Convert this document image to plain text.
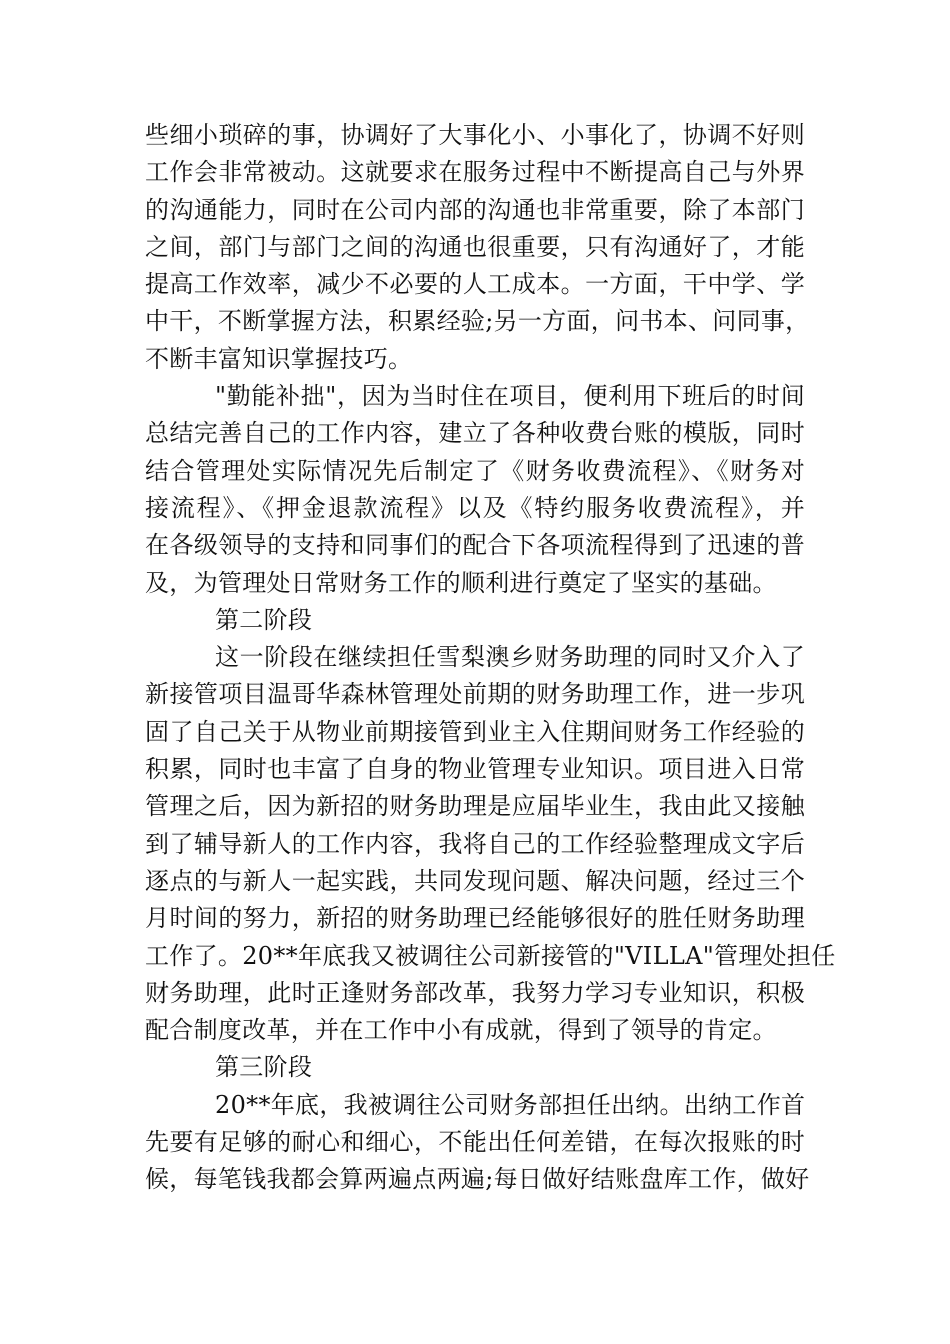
些细小琐碎的事，协调好了大事化小、小事化了，协调不好则
工作会非常被动。这就要求在服务过程中不断提高自己与外界
的沟通能力，同时在公司内部的沟通也非常重要，除了本部门
之间，部门与部门之间的沟通也很重要，只有沟通好了，才能
提高工作效率，减少不必要的人工成本。一方面，干中学、学
中干，不断掌握方法，积累经验;另一方面，问书本、问同事，
不断丰富知识掌握技巧。
"勤能补拙"，因为当时住在项目，便利用下班后的时间
总结完善自己的工作内容，建立了各种收费台账的模版，同时
结合管理处实际情况先后制定了《财务收费流程》、《财务对
接流程》、《押金退款流程》以及《特约服务收费流程》，并
在各级领导的支持和同事们的配合下各项流程得到了迅速的普
及，为管理处日常财务工作的顺利进行奠定了坚实的基础。
第二阶段
这一阶段在继续担任雪梨澳乡财务助理的同时又介入了
新接管项目温哥华森林管理处前期的财务助理工作，进一步巩
固了自己关于从物业前期接管到业主入住期间财务工作经验的
积累，同时也丰富了自身的物业管理专业知识。项目进入日常
管理之后，因为新招的财务助理是应届毕业生，我由此又接触
到了辅导新人的工作内容，我将自己的工作经验整理成文字后
逐点的与新人一起实践，共同发现问题、解决问题，经过三个
月时间的努力，新招的财务助理已经能够很好的胜任财务助理
工作了。20**年底我又被调往公司新接管的"VILLA"管理处担任
财务助理，此时正逢财务部改革，我努力学习专业知识，积极
配合制度改革，并在工作中小有成就，得到了领导的肯定。
第三阶段
20**年底，我被调往公司财务部担任出纳。出纳工作首
先要有足够的耐心和细心，不能出任何差错，在每次报账的时
候，每笔钱我都会算两遍点两遍;每日做好结账盘库工作，做好
